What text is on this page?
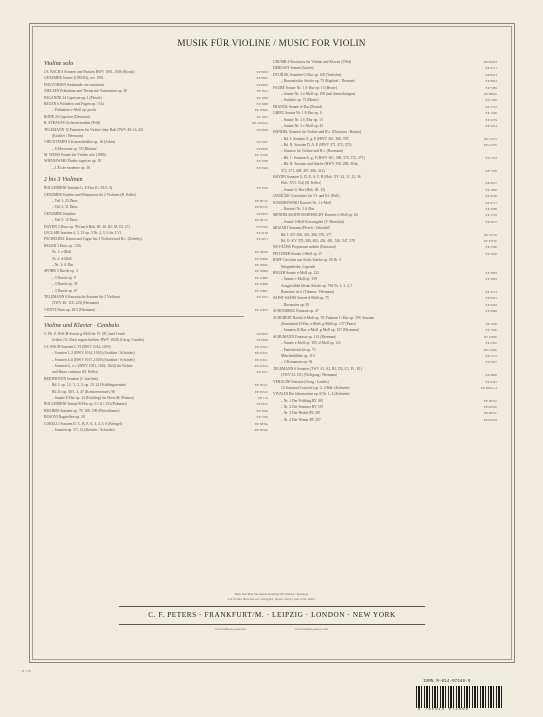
MUSIK FÜR VIOLINE / MUSIC FOR VIOLIN
Violine solo
J.S. BACH 3 Sonaten und Partiten BWV 1001–1006 (Rostal)	EP 9853
GENZMER Sonate (1983/84), rev. 1991	EP 8681
HALVORSEN Sarabande con variazioni	EP 8063
NIELSEN Präludium und Thema mit Variationen op. 48	EP 5811
PAGANINI 24 Capricen op. 1 (Flesch)	EP 1984
REGER 6 Präludien und Fugen op. 131a	EP 3968
– Präludium e-Moll op. posth.	EP 10682
RODE 24 Capricen (Davisson)	EP 1041
R. STRAUSS Orchesterstudien (Prill)	EP 4190a-b
TELEMANN 12 Fantasien für Violine ohne Baß (TWV 40: 14–25)	EP 9648
(Küchler / Hermann)
VIEUXTEMPS 6 Konzertetüden op. 16 (Arbós)	EP 2567
– 6 Morceaux op. 55 (Dittmar)	EP 8650
M. WEISS Sonate für Violine solo (1985)	EP 10478
WIENIAWSKI Études-caprices op. 18	EP 3286
– L'École moderne op. 10	EP 3300
2 bis 3 Violinen
BOCCHERINI Sonaten G, E-Dur (G. 63/1–3)	EP 3330
GENZMER Studien und Miniaturen für 2 Violinen (H. Keller)
– Teil 1: 25 Duos	EP 8672a
– Teil 2: 31 Duos	EP 8672b
GENZMER Sonatine	EP 8673
– Teil 3: 12 Duos	EP 8672c
HAYDN 3 Duos op. 99 (nach Hob. III: 40, III: 38, III: 27)	EP 9303
LECLAIR Sonaten 4, 5, 12 op. 3 Nr. 2, 3, 6 für 2 Vl.	EP 4158
PACHELBEL Kanon und Gigue für 3 Violinen und B.c. (Zobeley)	EP 4671
REGER 3 Duos op. 131b
Nr. 1: e-Moll	EP 3969a
Nr. 2: d-Moll	EP 3969b
– Nr. 3: A-Dur	EP 3969c
SPOHR 3 Duette op. 3	EP 10884
– 3 Duette op. 9	EP 10885
– 3 Duette op. 39	EP 10886
– 3 Duette op. 67	EP 10887
TELEMANN 6 Kanonische Sonaten für 2 Violinen	EP 4351
(TWV 40: 118–123) (Hermann)
VIOTTI Duos op. 20/3 (Hermann)	EP 10873
Violine und Klavier · Cembalo
C. Ph. E. BACH Sonate g-Moll für Vl. (Fl.) und Cemb.	EP 9855
(früher J.S. Bach zugeschrieben, BWV 1020) (Gerig / Landes)	EP 9856
J.S. BACH Sonaten I–VI (BWV 1014–1019)	EP 4591a
– Sonaten 1–3 (BWV 1014–1016) (Stoddart / Schröder)	EP 4591b
– Sonaten 4–6 (BWV 1017–1019) (Stoddart / Schröder)	EP 4591c
– Sonaten G, e, c (BWV 1021, 1023, 1024) für Violine	EP 4591d
und Basso continuo (H. Keller)	EP 4591
BEETHOVEN Sonaten (J. Joachim)
Bd. I: op. 12 / 1, 2, 3; op. 23, 24 (Frühlingssonate)	EP 3031a
Bd. II: op. 30/1–3, 47 (Kreutzersonate), 96	EP 3031b
– Sonate F-Dur op. 24 (Frühling) für Horn (H. Pfitzner)	EP 135
BOCCHERINI Sonate B-Dur op. 5/1 (G. 25) (Polnauer)	EP 8679
BRAHMS Sonaten op. 78, 100, 108 (Fleischhauer)	EP 3900
BUSONI Bagatellen op. 28	EP 7439
CORELLI Sonaten D, C, B, F, A, 3, 4, 5, 6 (Klengel)	EP 3836a
– Sonaten op. 5/7–12 (Kreisler / Schröder)	EP 3836b
CRUMB 4 Nocturnes für Violine und Klavier (1964)	EP 66063
DEBUSSY Sonate (Garrett)	EP 9121
DVOŘÁK Sonatine G-Dur op. 100 (Varholm)	EP 8913
– Romantische Stücke op. 75 (Raphael / Thoman)	EP 9824
FAURÉ Sonate Nr. 1 A-Dur op. 13 (Heuer)	EP 7485
– Sonate Nr. 2 e-Moll op. 108 (mit Anmerkungen)	EP 9993a
– Andante op. 75 (Heuer)	EP 7400
FRANCK Sonate A-Dur (Rostal)	EP 3742
GRIEG Sonate Nr. 1 F-Dur op. 8	EP 1340
– Sonate Nr. 2 G-Dur op. 13	EP 2279
– Sonate Nr. 3 c-Moll op. 45	EP 2414
HÄNDEL Sonaten für Violine und B.c. (Davisson / Ramin)
– Bd. I: Sonaten A, g, E (HWV 361, 368, 370)	EP 4157a
– Bd. II: Sonaten D, A, E (HWV 371, 372, 373)	EP 4157b
– Sonaten für Violine und B.c. (Bormann)
– Bd. 1: Sonaten A, g, F (HWV 361, 368, 370, 372, 373)	EP 7333
– Bd. II: Sonaten und Stücke (HWV 358, 288, 364a,
372, 371, 408, 407, 406, 412)	EP 7336
HAYDN Sonaten G, D, E, A, F, B (Hob. XV: 32, 11, 12, 36
Hob. XVI: 15a) (H. Keller)	EP 9017
– Sonate G-Dur (Hob. III: 25)	EP 1906
JANÁČEK Concertino für Vl. und Kl. (Prill)	EP 9180
KOMAROWSKI Konzert Nr. 1 e-Moll	EP 4717
– Konzert Nr. 2 A-Dur	EP 4780
MENDELSSOHN BARTHOLDY Konzert e-Moll op. 64	EP 1732
– Sonate f-Moll Erstausgabe (Y. Menuhin)	EP 9077
MOZART Sonaten (Flesch / Schnabel)
Bd. I: KV 296, 301–306, 376, 377	EP 3315a
Bd. II: KV 378–380, 402, 454, 481, 526, 547, 570	EP 3315b
NOVÁČEK Perpetuum mobile (Davisson)	EP 2786
PFITZNER Sonate e-Moll op. 27	EP 3630
RAFF Cavatine aus Sechs Stücke op. 85 Nr. 3
Wiegenlieder, Legende
REGER Sonate e-Moll op. 122	EP 3983
– Sonate c-Moll op. 139	EP 3985
Ausgewählte kleine Stücke op. 79d Nr. 1, 3, 4, 5
Romanze in G (Thomas / Hermann)	EP 4213
SAINT-SAËNS Sonate d-Moll op. 75	EP 9291
– Havanaise op. 83	EP 9292
SCHÖNBERG Fantasie op. 47	EP 6060
SCHUBERT Rondo h-Moll op. 70, Fantasie C-Dur op. 159, Sonaten
(Sonatinen) D-Dur, a-Moll, g-Moll op. 137 (Pauer)	EP 156a
– Sonaten D-Dur, a-Moll, g-Moll op. 137 (Hermann)	EP 156b
SCHUMANN Fantasie op. 131 (Hermann)	EP 2368a
– Sonate a-Moll op. 105, d-Moll op. 121	EP 2367
– Fantasiestücke op. 73	EP 2366b
Märchenbilder op. 113	EP 2372
– 3 Romanzen op. 94	EP 2407
TELEMANN 6 Sonaten (TWV 41: A2, B1, D2, G1, F1, E1)
(TWV 41: D1) (Wolfgang / Hermann)	EP 9006
VERACINI Sonaten (Gerig / Landes)	EP 4345
12 Sonaten (Concerti) op. 2, 4 Bde. (Kolneder)	EP 4965a–d
VIVALDI Die Jahreszeiten op. 8 Nr. 1–4 (Kolneder)
– Nr. 1 Der Frühling RV 269	EP 9055a
– Nr. 2 Der Sommer RV 315	EP 9055b
– Nr. 3 Der Herbst RV 293	EP 9055c
– Nr. 4 Der Winter RV 297	EP 9055d
Bitte beachten Sie unsere Kataloge für Violine / Kataloge
For further titles see our catalogues, please contact your local dealer
C. F. PETERS · FRANKFURT/M. · LEIPZIG · LONDON · NEW YORK
www.edition-peters.de www.edition-peters.com
H. 7/05
ISMN M-014-07246-9
9 790014 072469
